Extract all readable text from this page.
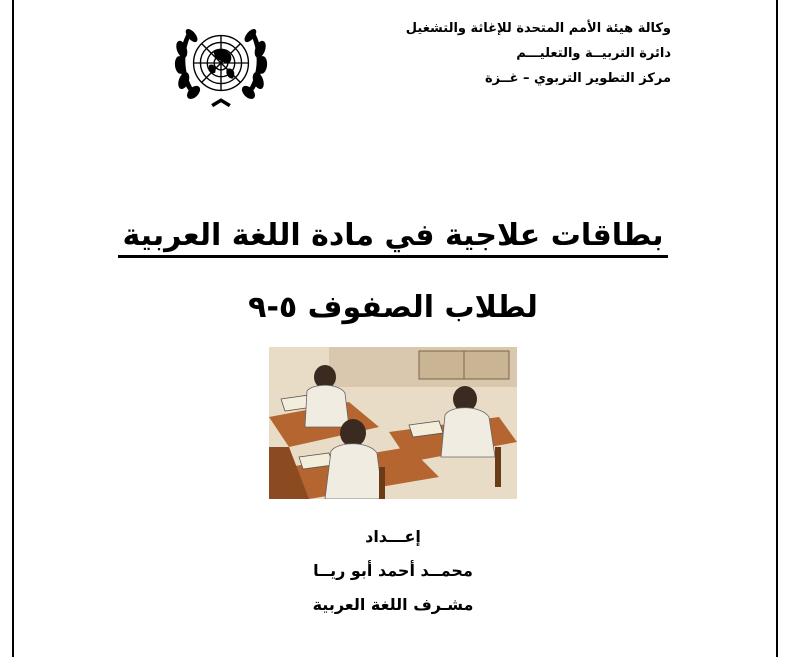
وكالة هيئة الأمم المتحدة للإغاثة والتشغيل
دائرة التربيــة والتعليـــم
مركز التطوير التربوي – غــزة
بطاقات علاجية في مادة اللغة العربية
لطلاب الصفوف ٥-٩
إعـــداد
محمــد أحمد أبو ريــا
مشـرف اللغة العربية
